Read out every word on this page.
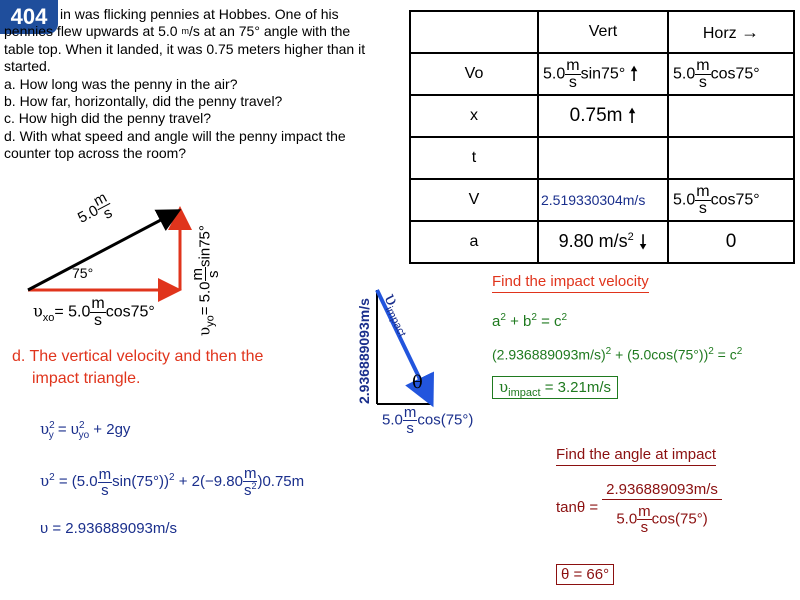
404 in was flicking pennies at Hobbes. One of his
pennies flew upwards at 5.0 $^m$/s at an 75° angle with the
table top. When it landed, it was 0.75 meters higher than it
started.
a. How long was the penny in the air?
b. How far, horizontally, did the penny travel?
c. How high did the penny travel?
d. With what speed and angle will the penny impact the
counter top across the room?
	Vert	Horz →
Vo	$5.0 \frac{m}{s} \sin 75^\circ$ 🠕	$5.0 \frac{m}{s} \cos 75^\circ$
x	0.75m 🠕	
t		
V	2.519330304m/s	$5.0 \frac{m}{s} \cos 75^\circ$
a	9.80 $m/s^2$ 🠗	0
5.0
m
s
75°
$\upsilon_{xo}= 5.0 \frac{m}{s} \cos 75^\circ$
$\upsilon_{yo}= 5.0$
m s
sin75°
d. The vertical velocity and then the
impact triangle.	2.936889093m/s $\upsilon_{impact}$
θ
$5.0 \frac{m}{s} \cos(75^\circ)$
$\upsilon^2_y = \upsilon^2_{yo} + 2gy$
$\upsilon^2 = (5.0 \frac{m}{s} \sin(75^\circ))^2 + 2(-9.80 \frac{m}{s^2} )0.75m$
υ = 2.936889093m/s
Find the impact velocity
$a^2 + b^2 = c^2$
$(2.936889093m/s)^2 + (5.0\cos(75^\circ))^2 = c^2$
$\upsilon_{impact} = 3.21m/s$
Find the angle at impact
$\tan\theta = \frac{2.936889093m/s}{5.0 \frac{m}{s} \cos(75^\circ)}$
θ = 66°
